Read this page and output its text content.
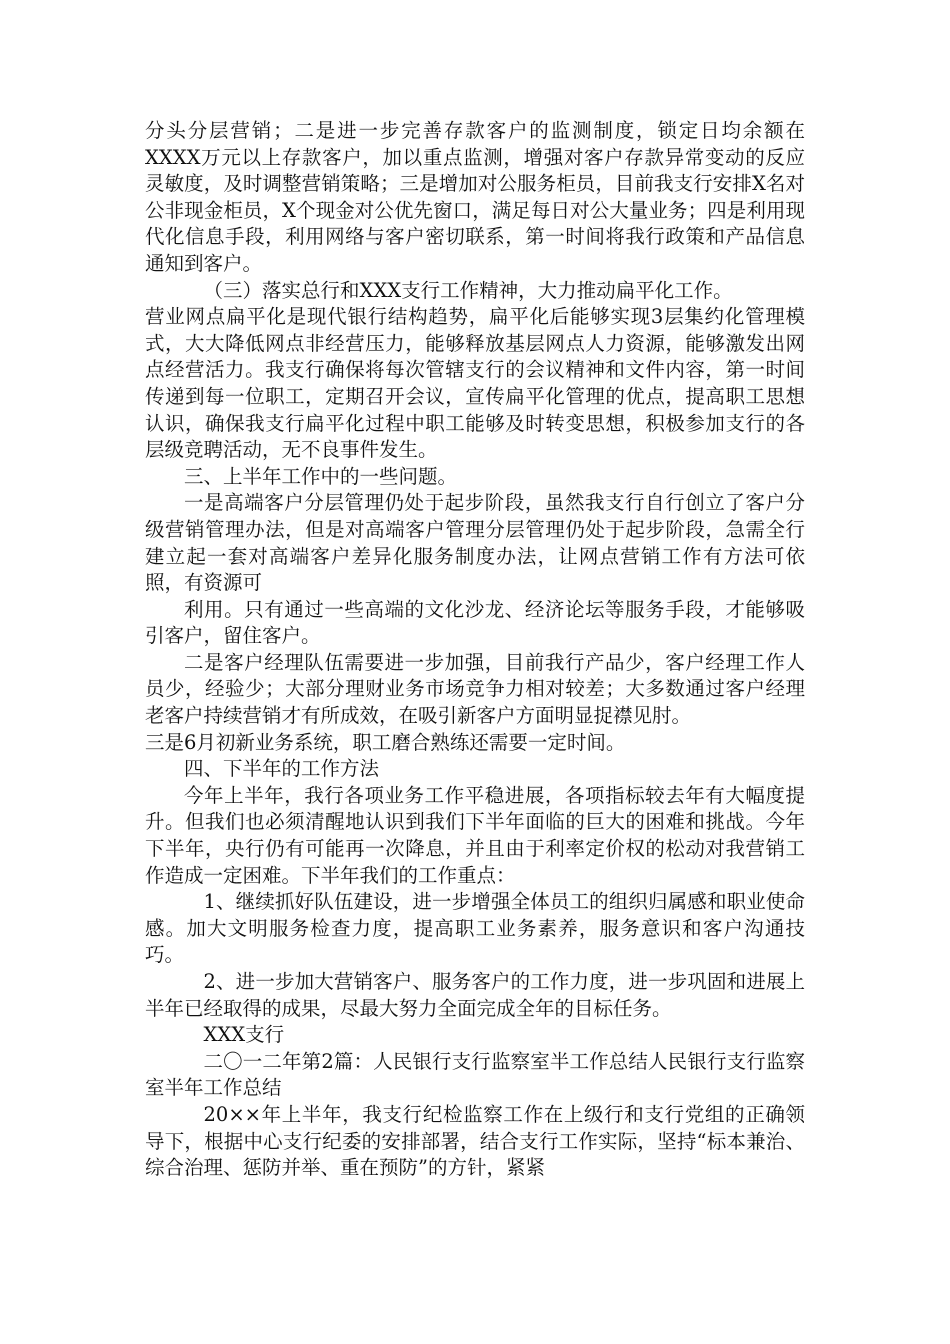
分头分层营销；二是进一步完善存款客户的监测制度，锁定日均余额在XXXX万元以上存款客户，加以重点监测，增强对客户存款异常变动的反应灵敏度，及时调整营销策略；三是增加对公服务柜员，目前我支行安排X名对公非现金柜员，X个现金对公优先窗口，满足每日对公大量业务；四是利用现代化信息手段，利用网络与客户密切联系，第一时间将我行政策和产品信息通知到客户。

（三）落实总行和XXX支行工作精神，大力推动扁平化工作。

营业网点扁平化是现代银行结构趋势，扁平化后能够实现3层集约化管理模式，大大降低网点非经营压力，能够释放基层网点人力资源，能够激发出网点经营活力。我支行确保将每次管辖支行的会议精神和文件内容，第一时间传递到每一位职工，定期召开会议，宣传扁平化管理的优点，提高职工思想认识，确保我支行扁平化过程中职工能够及时转变思想，积极参加支行的各层级竞聘活动，无不良事件发生。

三、上半年工作中的一些问题。

一是高端客户分层管理仍处于起步阶段，虽然我支行自行创立了客户分级营销管理办法，但是对高端客户管理分层管理仍处于起步阶段，急需全行建立起一套对高端客户差异化服务制度办法，让网点营销工作有方法可依照，有资源可

利用。只有通过一些高端的文化沙龙、经济论坛等服务手段，才能够吸引客户，留住客户。

二是客户经理队伍需要进一步加强，目前我行产品少，客户经理工作人员少，经验少；大部分理财业务市场竞争力相对较差；大多数通过客户经理老客户持续营销才有所成效，在吸引新客户方面明显捉襟见肘。

三是6月初新业务系统，职工磨合熟练还需要一定时间。

四、下半年的工作方法

今年上半年，我行各项业务工作平稳进展，各项指标较去年有大幅度提升。但我们也必须清醒地认识到我们下半年面临的巨大的困难和挑战。今年下半年，央行仍有可能再一次降息，并且由于利率定价权的松动对我营销工作造成一定困难。下半年我们的工作重点：

1、继续抓好队伍建设，进一步增强全体员工的组织归属感和职业使命感。加大文明服务检查力度，提高职工业务素养，服务意识和客户沟通技巧。

2、进一步加大营销客户、服务客户的工作力度，进一步巩固和进展上半年已经取得的成果，尽最大努力全面完成全年的目标任务。

XXX支行

二〇一二年第2篇：人民银行支行监察室半工作总结人民银行支行监察室半年工作总结

20××年上半年，我支行纪检监察工作在上级行和支行党组的正确领导下，根据中心支行纪委的安排部署，结合支行工作实际，坚持“标本兼治、综合治理、惩防并举、重在预防”的方针，紧紧
